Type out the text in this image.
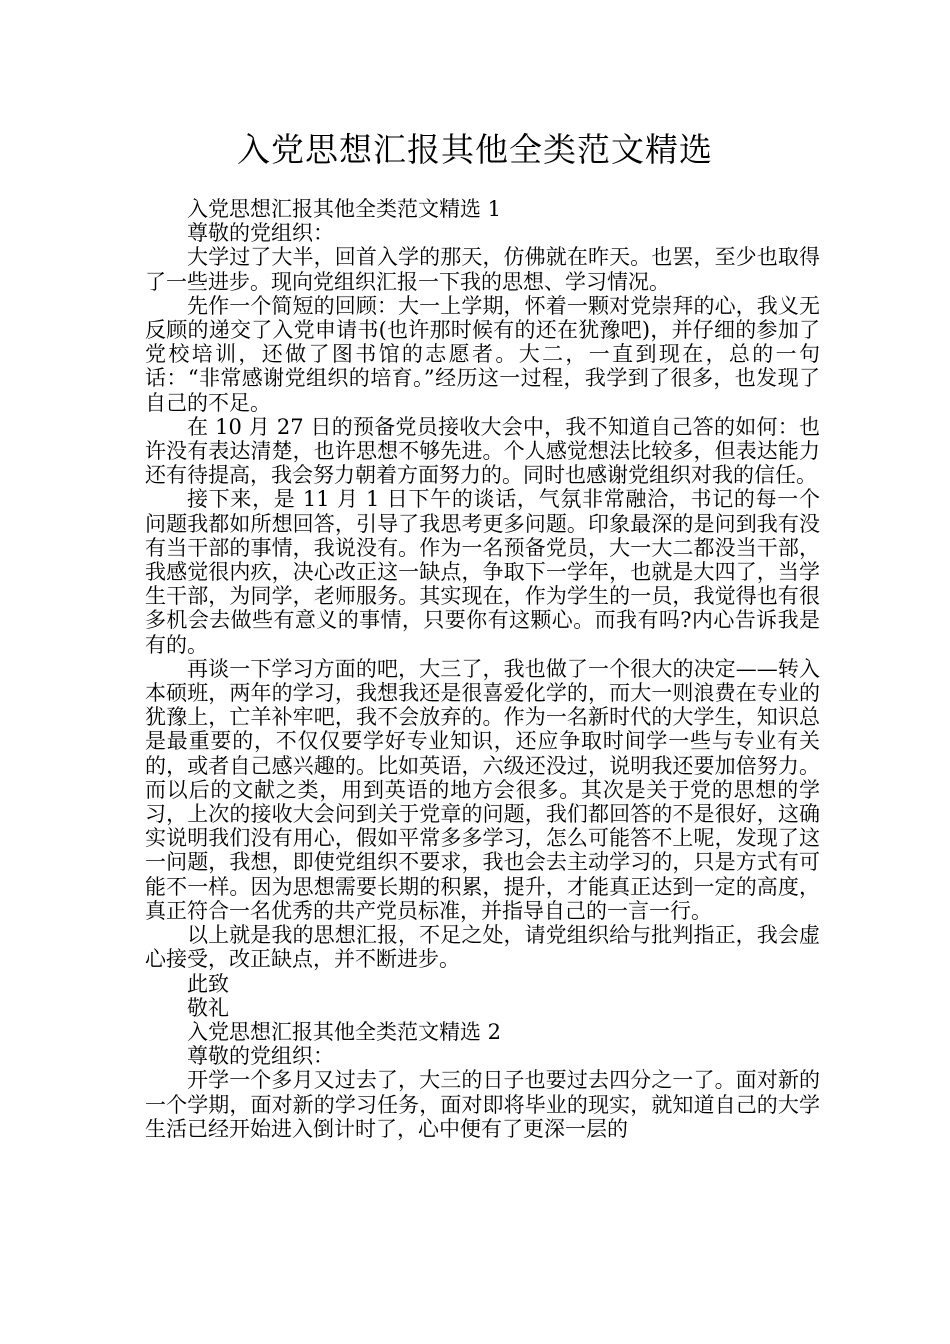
入党思想汇报其他全类范文精选

入党思想汇报其他全类范文精选 1

尊敬的党组织：

大学过了大半，回首入学的那天，仿佛就在昨天。也罢，至少也取得了一些进步。现向党组织汇报一下我的思想、学习情况。

先作一个简短的回顾：大一上学期，怀着一颗对党崇拜的心，我义无反顾的递交了入党申请书(也许那时候有的还在犹豫吧)，并仔细的参加了党校培训，还做了图书馆的志愿者。大二，一直到现在，总的一句话：“非常感谢党组织的培育。”经历这一过程，我学到了很多，也发现了自己的不足。

在 10 月 27 日的预备党员接收大会中，我不知道自己答的如何：也许没有表达清楚，也许思想不够先进。个人感觉想法比较多，但表达能力还有待提高，我会努力朝着方面努力的。同时也感谢党组织对我的信任。

接下来，是 11 月 1 日下午的谈话，气氛非常融洽，书记的每一个问题我都如所想回答，引导了我思考更多问题。印象最深的是问到我有没有当干部的事情，我说没有。作为一名预备党员，大一大二都没当干部，我感觉很内疚，决心改正这一缺点，争取下一学年，也就是大四了，当学生干部，为同学，老师服务。其实现在，作为学生的一员，我觉得也有很多机会去做些有意义的事情，只要你有这颗心。而我有吗?内心告诉我是有的。

再谈一下学习方面的吧，大三了，我也做了一个很大的决定——转入本硕班，两年的学习，我想我还是很喜爱化学的，而大一则浪费在专业的犹豫上，亡羊补牢吧，我不会放弃的。作为一名新时代的大学生，知识总是最重要的，不仅仅要学好专业知识，还应争取时间学一些与专业有关的，或者自己感兴趣的。比如英语，六级还没过，说明我还要加倍努力。而以后的文献之类，用到英语的地方会很多。其次是关于党的思想的学习，上次的接收大会问到关于党章的问题，我们都回答的不是很好，这确实说明我们没有用心，假如平常多多学习，怎么可能答不上呢，发现了这一问题，我想，即使党组织不要求，我也会去主动学习的，只是方式有可能不一样。因为思想需要长期的积累，提升，才能真正达到一定的高度，真正符合一名优秀的共产党员标准，并指导自己的一言一行。

以上就是我的思想汇报，不足之处，请党组织给与批判指正，我会虚心接受，改正缺点，并不断进步。

此致

敬礼

入党思想汇报其他全类范文精选 2

尊敬的党组织：

开学一个多月又过去了，大三的日子也要过去四分之一了。面对新的一个学期，面对新的学习任务，面对即将毕业的现实，就知道自己的大学生活已经开始进入倒计时了，心中便有了更深一层的
